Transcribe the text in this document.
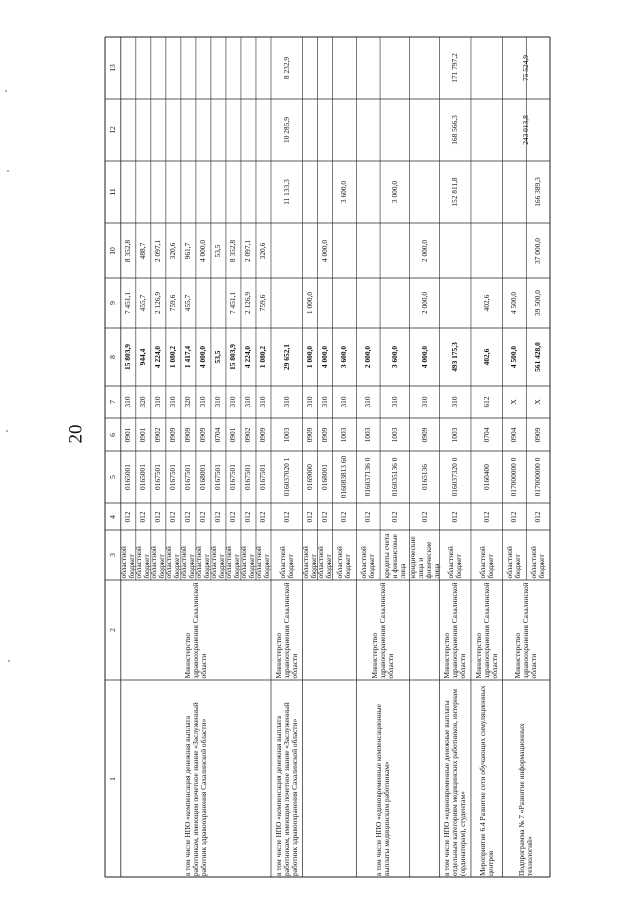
20
13
12
11
10
9
8
7
6
5
4
3
2
1
областной бюджет
012
0165001
0901
310
15 803,9
7 451,1
8 352,8
областной бюджет
012
0165001
0901
320
944,4
455,7
488,7
областной бюджет
012
0167501
0902
310
4 224,0
2 126,9
2 097,1
областной бюджет
012
0167501
0909
310
1 080,2
759,6
320,6
областной бюджет
012
0167501
0909
320
1 417,4
455,7
961,7
областной бюджет
012
0168001
0909
310
4 000,0
4 000,0
областной бюджет
012
0167501
0704
310
53,5
53,5
областной бюджет
012
0167501
0901
310
15 803,9
7 451,1
8 352,8
областной бюджет
012
0167501
0902
310
4 224,0
2 126,9
2 097,1
областной бюджет
012
0167501
0909
310
1 080,2
759,6
320,6
областной бюджет
012
016037020 1
1003
310
29 652,1
11 133,3
областной бюджет
012
0169000
0909
310
1 000,0
1 000,0
областной бюджет
012
0168001
0909
310
4 000,0
4 000,0
областной бюджет
012
016083813 60
1003
310
3 600,0
3 600,0
областной бюджет
012
016037136 0
1003
310
2 000,0
кредиты счета и финансовые лица
012
016035136 0
1003
310
3 600,0
3 000,0
юридические лица и физические лица
012
0165136
0909
310
4 000,0
2 000,0
2 000,0
областной бюджет
012
016037320 0
1003
310
493 175,3
152 811,8
областной бюджет
012
0160400
0704
612
402,6
402,6
областной бюджет
012
017000000 0
0904
X
4 500,0
4 500,0
областной бюджет
012
017000000 0
0909
X
561 428,0
39 500,0
37 000,0
166 389,3
в том числе НПО «компенсация денежная выплата работникам, имеющим почетное звание «Заслуженный работник здравоохранения Сахалинской области»
Министерство здравоохранения Сахалинской области
в том числе НПО «компенсация денежная выплата работникам, имеющим почетное звание «Заслуженный работник здравоохранения Сахалинской области»
Министерство здравоохранения Сахалинской области
10 285,9
8 232,9
в том числе НПО «единовременные компенсационные выплаты медицинским работникам»
Министерство здравоохранения Сахалинской области
в том числе НПО «единовременные денежные выплаты отдельным категориям медицинских работников, интернам (ординаторам), студентам»
Министерство здравоохранения Сахалинской области
168 566,3
171 797,2
Мероприятие 6.4 Развитие сети обучающих симуляционных центров
Министерство здравоохранения Сахалинской области
Подпрограмма № 7 «Развитие информационных технологий»
Министерство здравоохранения Сахалинской области
243 013,8
75 524,9
